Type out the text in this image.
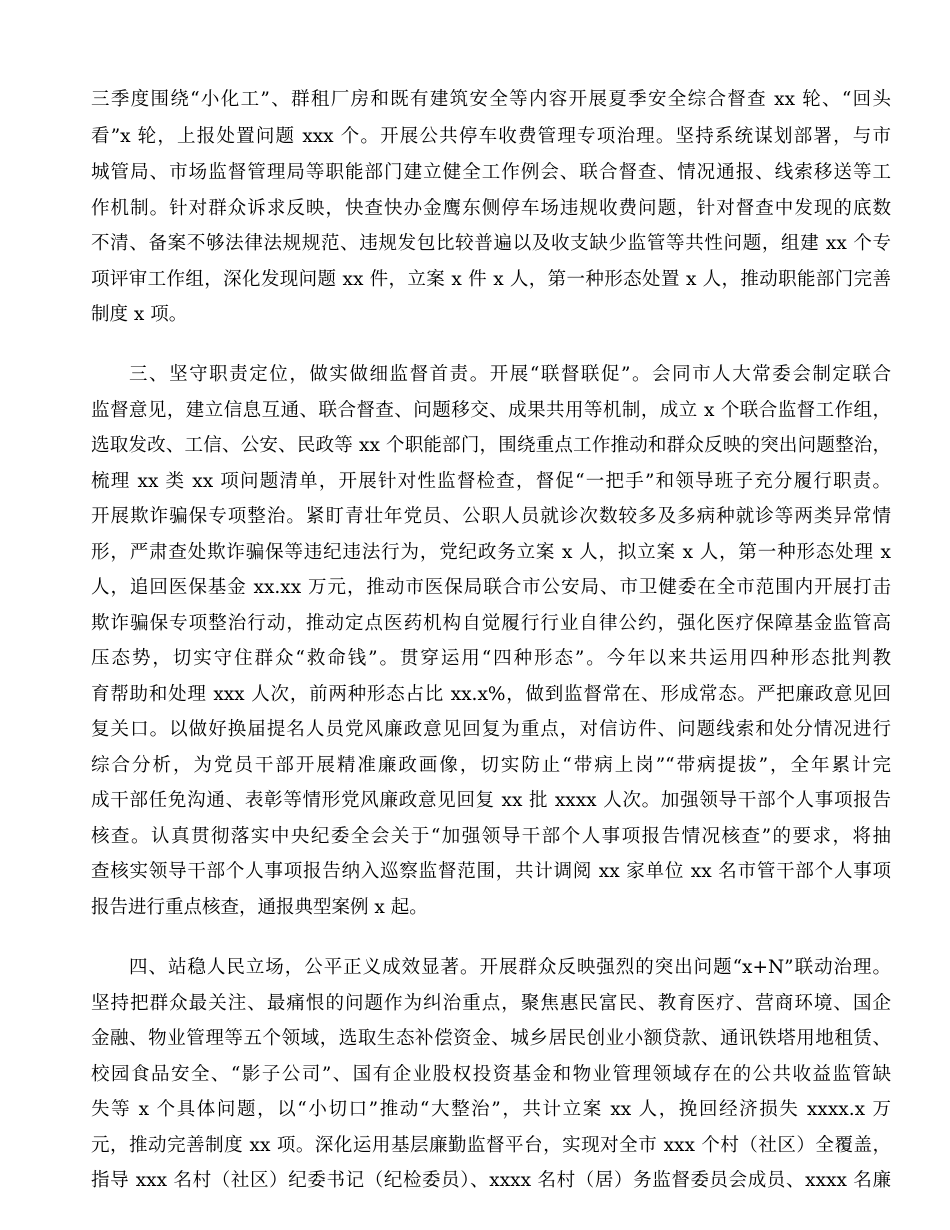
三季度围绕“小化工”、群租厂房和既有建筑安全等内容开展夏季安全综合督查 xx 轮、“回头
看”x 轮，上报处置问题 xxx 个。开展公共停车收费管理专项治理。坚持系统谋划部署，与市
城管局、市场监督管理局等职能部门建立健全工作例会、联合督查、情况通报、线索移送等工
作机制。针对群众诉求反映，快查快办金鹰东侧停车场违规收费问题，针对督查中发现的底数
不清、备案不够法律法规规范、违规发包比较普遍以及收支缺少监管等共性问题，组建 xx 个专
项评审工作组，深化发现问题 xx 件，立案 x 件 x 人，第一种形态处置 x 人，推动职能部门完善
制度 x 项。
三、坚守职责定位，做实做细监督首责。开展“联督联促”。会同市人大常委会制定联合
监督意见，建立信息互通、联合督查、问题移交、成果共用等机制，成立 x 个联合监督工作组，
选取发改、工信、公安、民政等 xx 个职能部门，围绕重点工作推动和群众反映的突出问题整治，
梳理 xx 类 xx 项问题清单，开展针对性监督检查，督促“一把手”和领导班子充分履行职责。
开展欺诈骗保专项整治。紧盯青壮年党员、公职人员就诊次数较多及多病种就诊等两类异常情
形，严肃查处欺诈骗保等违纪违法行为，党纪政务立案 x 人，拟立案 x 人，第一种形态处理 x
人，追回医保基金 xx.xx 万元，推动市医保局联合市公安局、市卫健委在全市范围内开展打击
欺诈骗保专项整治行动，推动定点医药机构自觉履行行业自律公约，强化医疗保障基金监管高
压态势，切实守住群众“救命钱”。贯穿运用“四种形态”。今年以来共运用四种形态批判教
育帮助和处理 xxx 人次，前两种形态占比 xx.x%，做到监督常在、形成常态。严把廉政意见回
复关口。以做好换届提名人员党风廉政意见回复为重点，对信访件、问题线索和处分情况进行
综合分析，为党员干部开展精准廉政画像，切实防止“带病上岗”“带病提拔”，全年累计完
成干部任免沟通、表彰等情形党风廉政意见回复 xx 批 xxxx 人次。加强领导干部个人事项报告
核查。认真贯彻落实中央纪委全会关于“加强领导干部个人事项报告情况核查”的要求，将抽
查核实领导干部个人事项报告纳入巡察监督范围，共计调阅 xx 家单位 xx 名市管干部个人事项
报告进行重点核查，通报典型案例 x 起。
四、站稳人民立场，公平正义成效显著。开展群众反映强烈的突出问题“x+N”联动治理。
坚持把群众最关注、最痛恨的问题作为纠治重点，聚焦惠民富民、教育医疗、营商环境、国企
金融、物业管理等五个领域，选取生态补偿资金、城乡居民创业小额贷款、通讯铁塔用地租赁、
校园食品安全、“影子公司”、国有企业股权投资基金和物业管理领域存在的公共收益监管缺
失等 x 个具体问题，以“小切口”推动“大整治”，共计立案 xx 人，挽回经济损失 xxxx.x 万
元，推动完善制度 xx 项。深化运用基层廉勤监督平台，实现对全市 xxx 个村（社区）全覆盖，
指导 xxx 名村（社区）纪委书记（纪检委员）、xxxx 名村（居）务监督委员会成员、xxxx 名廉
